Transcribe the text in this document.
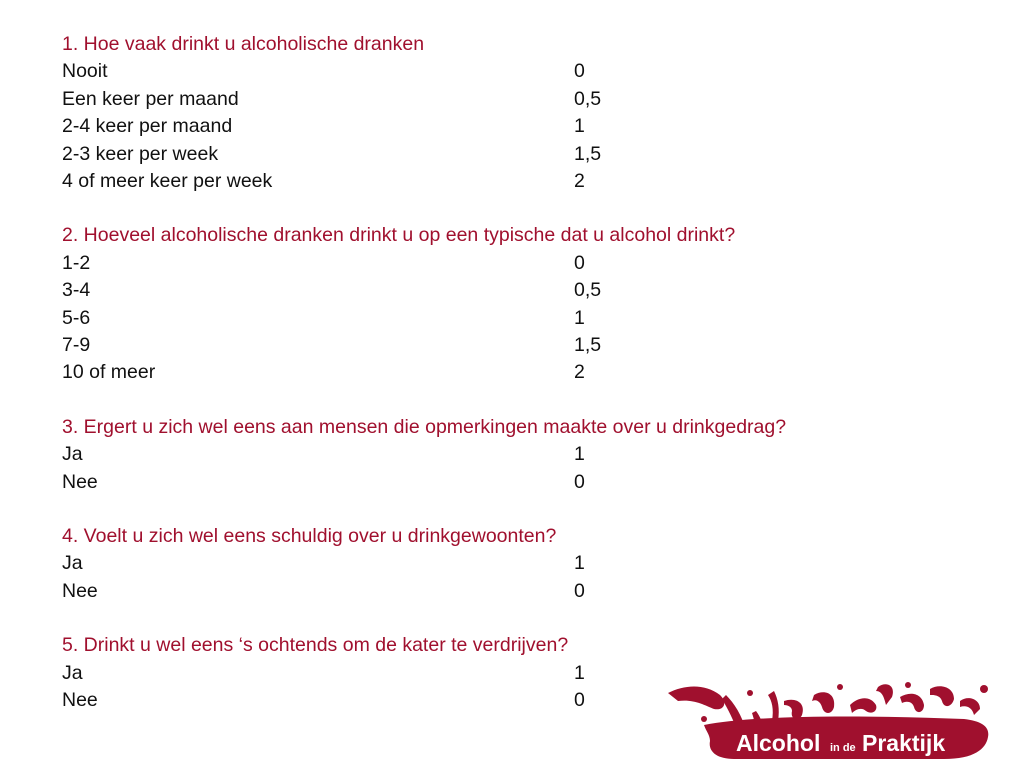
1. Hoe vaak drinkt u alcoholische dranken
Nooit	0
Een keer per maand	0,5
2-4 keer per maand	1
2-3 keer per week	1,5
4 of meer keer per week	2
2. Hoeveel alcoholische dranken drinkt u op een typische dat u alcohol drinkt?
1-2	0
3-4	0,5
5-6	1
7-9	1,5
10 of meer	2
3. Ergert u zich wel eens aan mensen die opmerkingen maakte over u drinkgedrag?
Ja	1
Nee	0
4. Voelt u zich wel eens schuldig over u drinkgewoonten?
Ja	1
Nee	0
5. Drinkt u wel eens ‘s ochtends om de kater te verdrijven?
Ja	1
Nee	0
Alcohol in de Praktijk
